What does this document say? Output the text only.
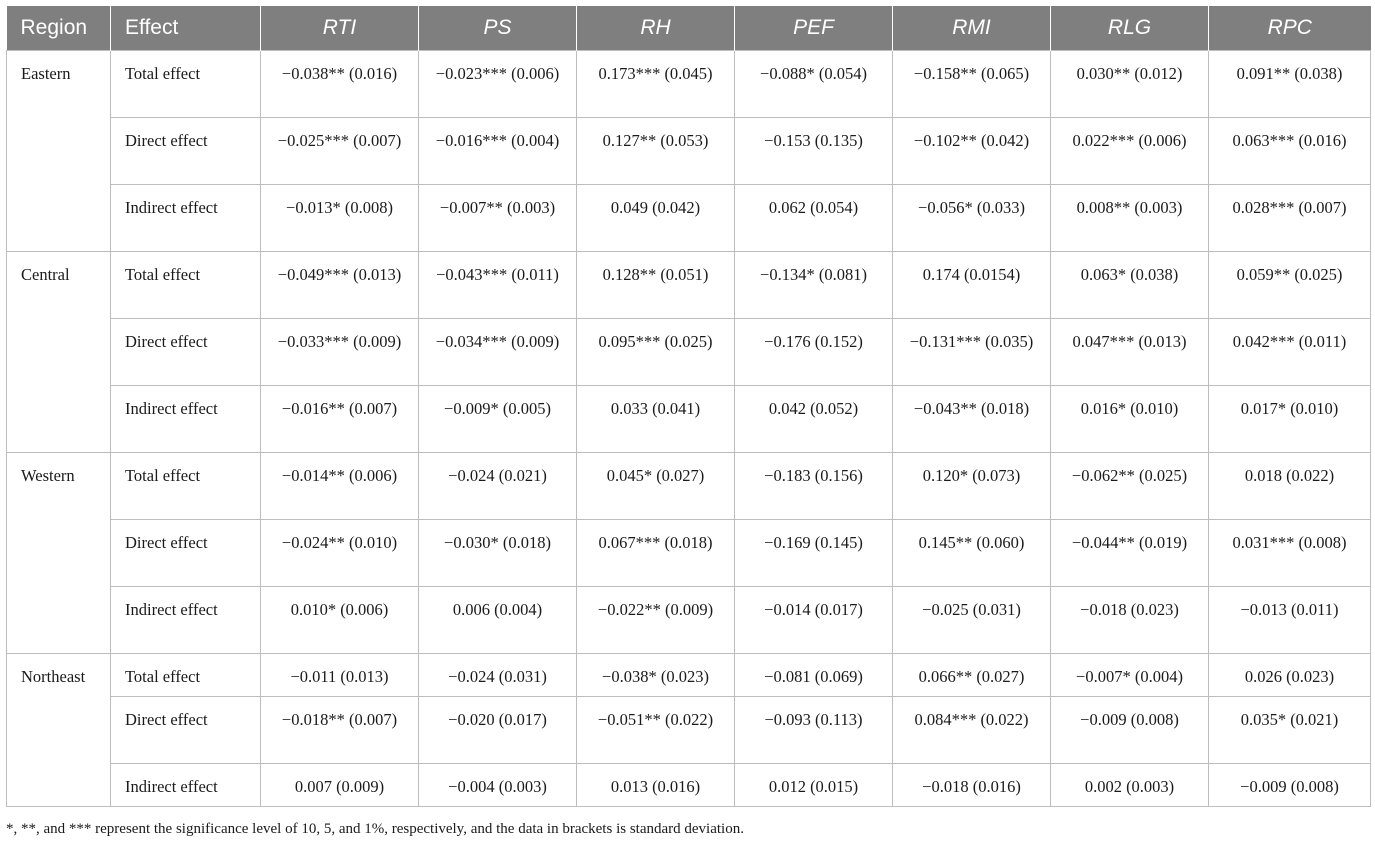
Region	Effect	RTI	PS	RH	PEF	RMI	RLG	RPC

Eastern	Total effect	−0.038** (0.016)	−0.023*** (0.006)	0.173*** (0.045)	−0.088* (0.054)	−0.158** (0.065)	0.030** (0.012)	0.091** (0.038)

	Direct effect	−0.025*** (0.007)	−0.016*** (0.004)	0.127** (0.053)	−0.153 (0.135)	−0.102** (0.042)	0.022*** (0.006)	0.063*** (0.016)

	Indirect effect	−0.013* (0.008)	−0.007** (0.003)	0.049 (0.042)	0.062 (0.054)	−0.056* (0.033)	0.008** (0.003)	0.028*** (0.007)

Central	Total effect	−0.049*** (0.013)	−0.043*** (0.011)	0.128** (0.051)	−0.134* (0.081)	0.174 (0.0154)	0.063* (0.038)	0.059** (0.025)

	Direct effect	−0.033*** (0.009)	−0.034*** (0.009)	0.095*** (0.025)	−0.176 (0.152)	−0.131*** (0.035)	0.047*** (0.013)	0.042*** (0.011)

	Indirect effect	−0.016** (0.007)	−0.009* (0.005)	0.033 (0.041)	0.042 (0.052)	−0.043** (0.018)	0.016* (0.010)	0.017* (0.010)

Western	Total effect	−0.014** (0.006)	−0.024 (0.021)	0.045* (0.027)	−0.183 (0.156)	0.120* (0.073)	−0.062** (0.025)	0.018 (0.022)

	Direct effect	−0.024** (0.010)	−0.030* (0.018)	0.067*** (0.018)	−0.169 (0.145)	0.145** (0.060)	−0.044** (0.019)	0.031*** (0.008)

	Indirect effect	0.010* (0.006)	0.006 (0.004)	−0.022** (0.009)	−0.014 (0.017)	−0.025 (0.031)	−0.018 (0.023)	−0.013 (0.011)

Northeast	Total effect	−0.011 (0.013)	−0.024 (0.031)	−0.038* (0.023)	−0.081 (0.069)	0.066** (0.027)	−0.007* (0.004)	0.026 (0.023)

	Direct effect	−0.018** (0.007)	−0.020 (0.017)	−0.051** (0.022)	−0.093 (0.113)	0.084*** (0.022)	−0.009 (0.008)	0.035* (0.021)

	Indirect effect	0.007 (0.009)	−0.004 (0.003)	0.013 (0.016)	0.012 (0.015)	−0.018 (0.016)	0.002 (0.003)	−0.009 (0.008)
*, **, and *** represent the significance level of 10, 5, and 1%, respectively, and the data in brackets is standard deviation.
